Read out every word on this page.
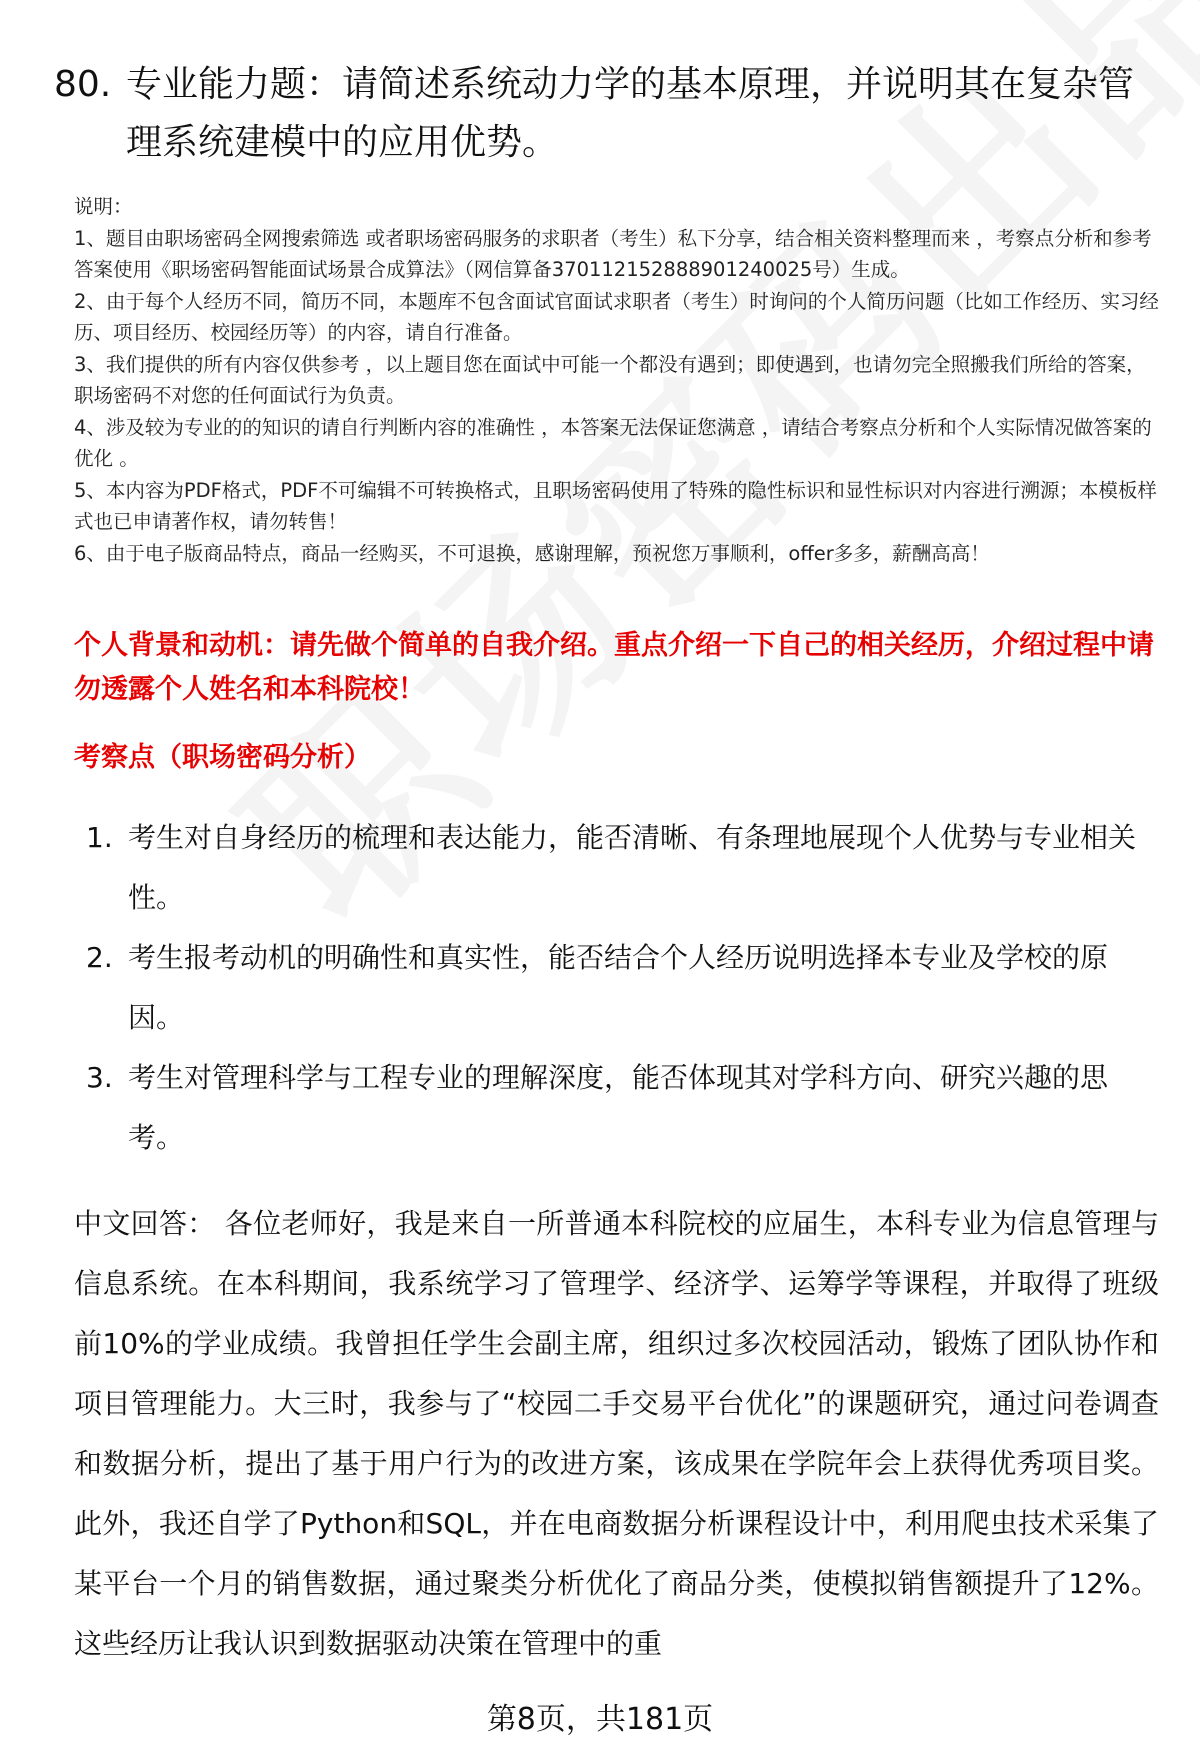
80. 专业能力题：请简述系统动力学的基本原理，并说明其在复杂管理系统建模中的应用优势。

说明：

1、题目由职场密码全网搜索筛选 或者职场密码服务的求职者（考生）私下分享，结合相关资料整理而来 ，考察点分析和参考答案使用《职场密码智能面试场景合成算法》（网信算备370112152888901240025号）生成。

2、由于每个人经历不同，简历不同，本题库不包含面试官面试求职者（考生）时询问的个人简历问题（比如工作经历、实习经历、项目经历、校园经历等）的内容，请自行准备。

3、我们提供的所有内容仅供参考 ，以上题目您在面试中可能一个都没有遇到；即使遇到，也请勿完全照搬我们所给的答案，职场密码不对您的任何面试行为负责。

4、涉及较为专业的的知识的请自行判断内容的准确性 ，本答案无法保证您满意 ，请结合考察点分析和个人实际情况做答案的优化 。

5、本内容为PDF格式，PDF不可编辑不可转换格式，且职场密码使用了特殊的隐性标识和显性标识对内容进行溯源；本模板样式也已申请著作权，请勿转售！

6、由于电子版商品特点，商品一经购买，不可退换，感谢理解，预祝您万事顺利，offer多多，薪酬高高！

个人背景和动机：请先做个简单的自我介绍。重点介绍一下自己的相关经历，介绍过程中请勿透露个人姓名和本科院校！
考察点（职场密码分析）
1. 考生对自身经历的梳理和表达能力，能否清晰、有条理地展现个人优势与专业相关性。
2. 考生报考动机的明确性和真实性，能否结合个人经历说明选择本专业及学校的原因。
3. 考生对管理科学与工程专业的理解深度，能否体现其对学科方向、研究兴趣的思考。

中文回答： 各位老师好，我是来自一所普通本科院校的应届生，本科专业为信息管理与信息系统。在本科期间，我系统学习了管理学、经济学、运筹学等课程，并取得了班级前10%的学业成绩。我曾担任学生会副主席，组织过多次校园活动，锻炼了团队协作和项目管理能力。大三时，我参与了“校园二手交易平台优化”的课题研究，通过问卷调查和数据分析，提出了基于用户行为的改进方案，该成果在学院年会上获得优秀项目奖。此外，我还自学了Python和SQL，并在电商数据分析课程设计中，利用爬虫技术采集了某平台一个月的销售数据，通过聚类分析优化了商品分类，使模拟销售额提升了12%。这些经历让我认识到数据驱动决策在管理中的重

第8页，共181页
